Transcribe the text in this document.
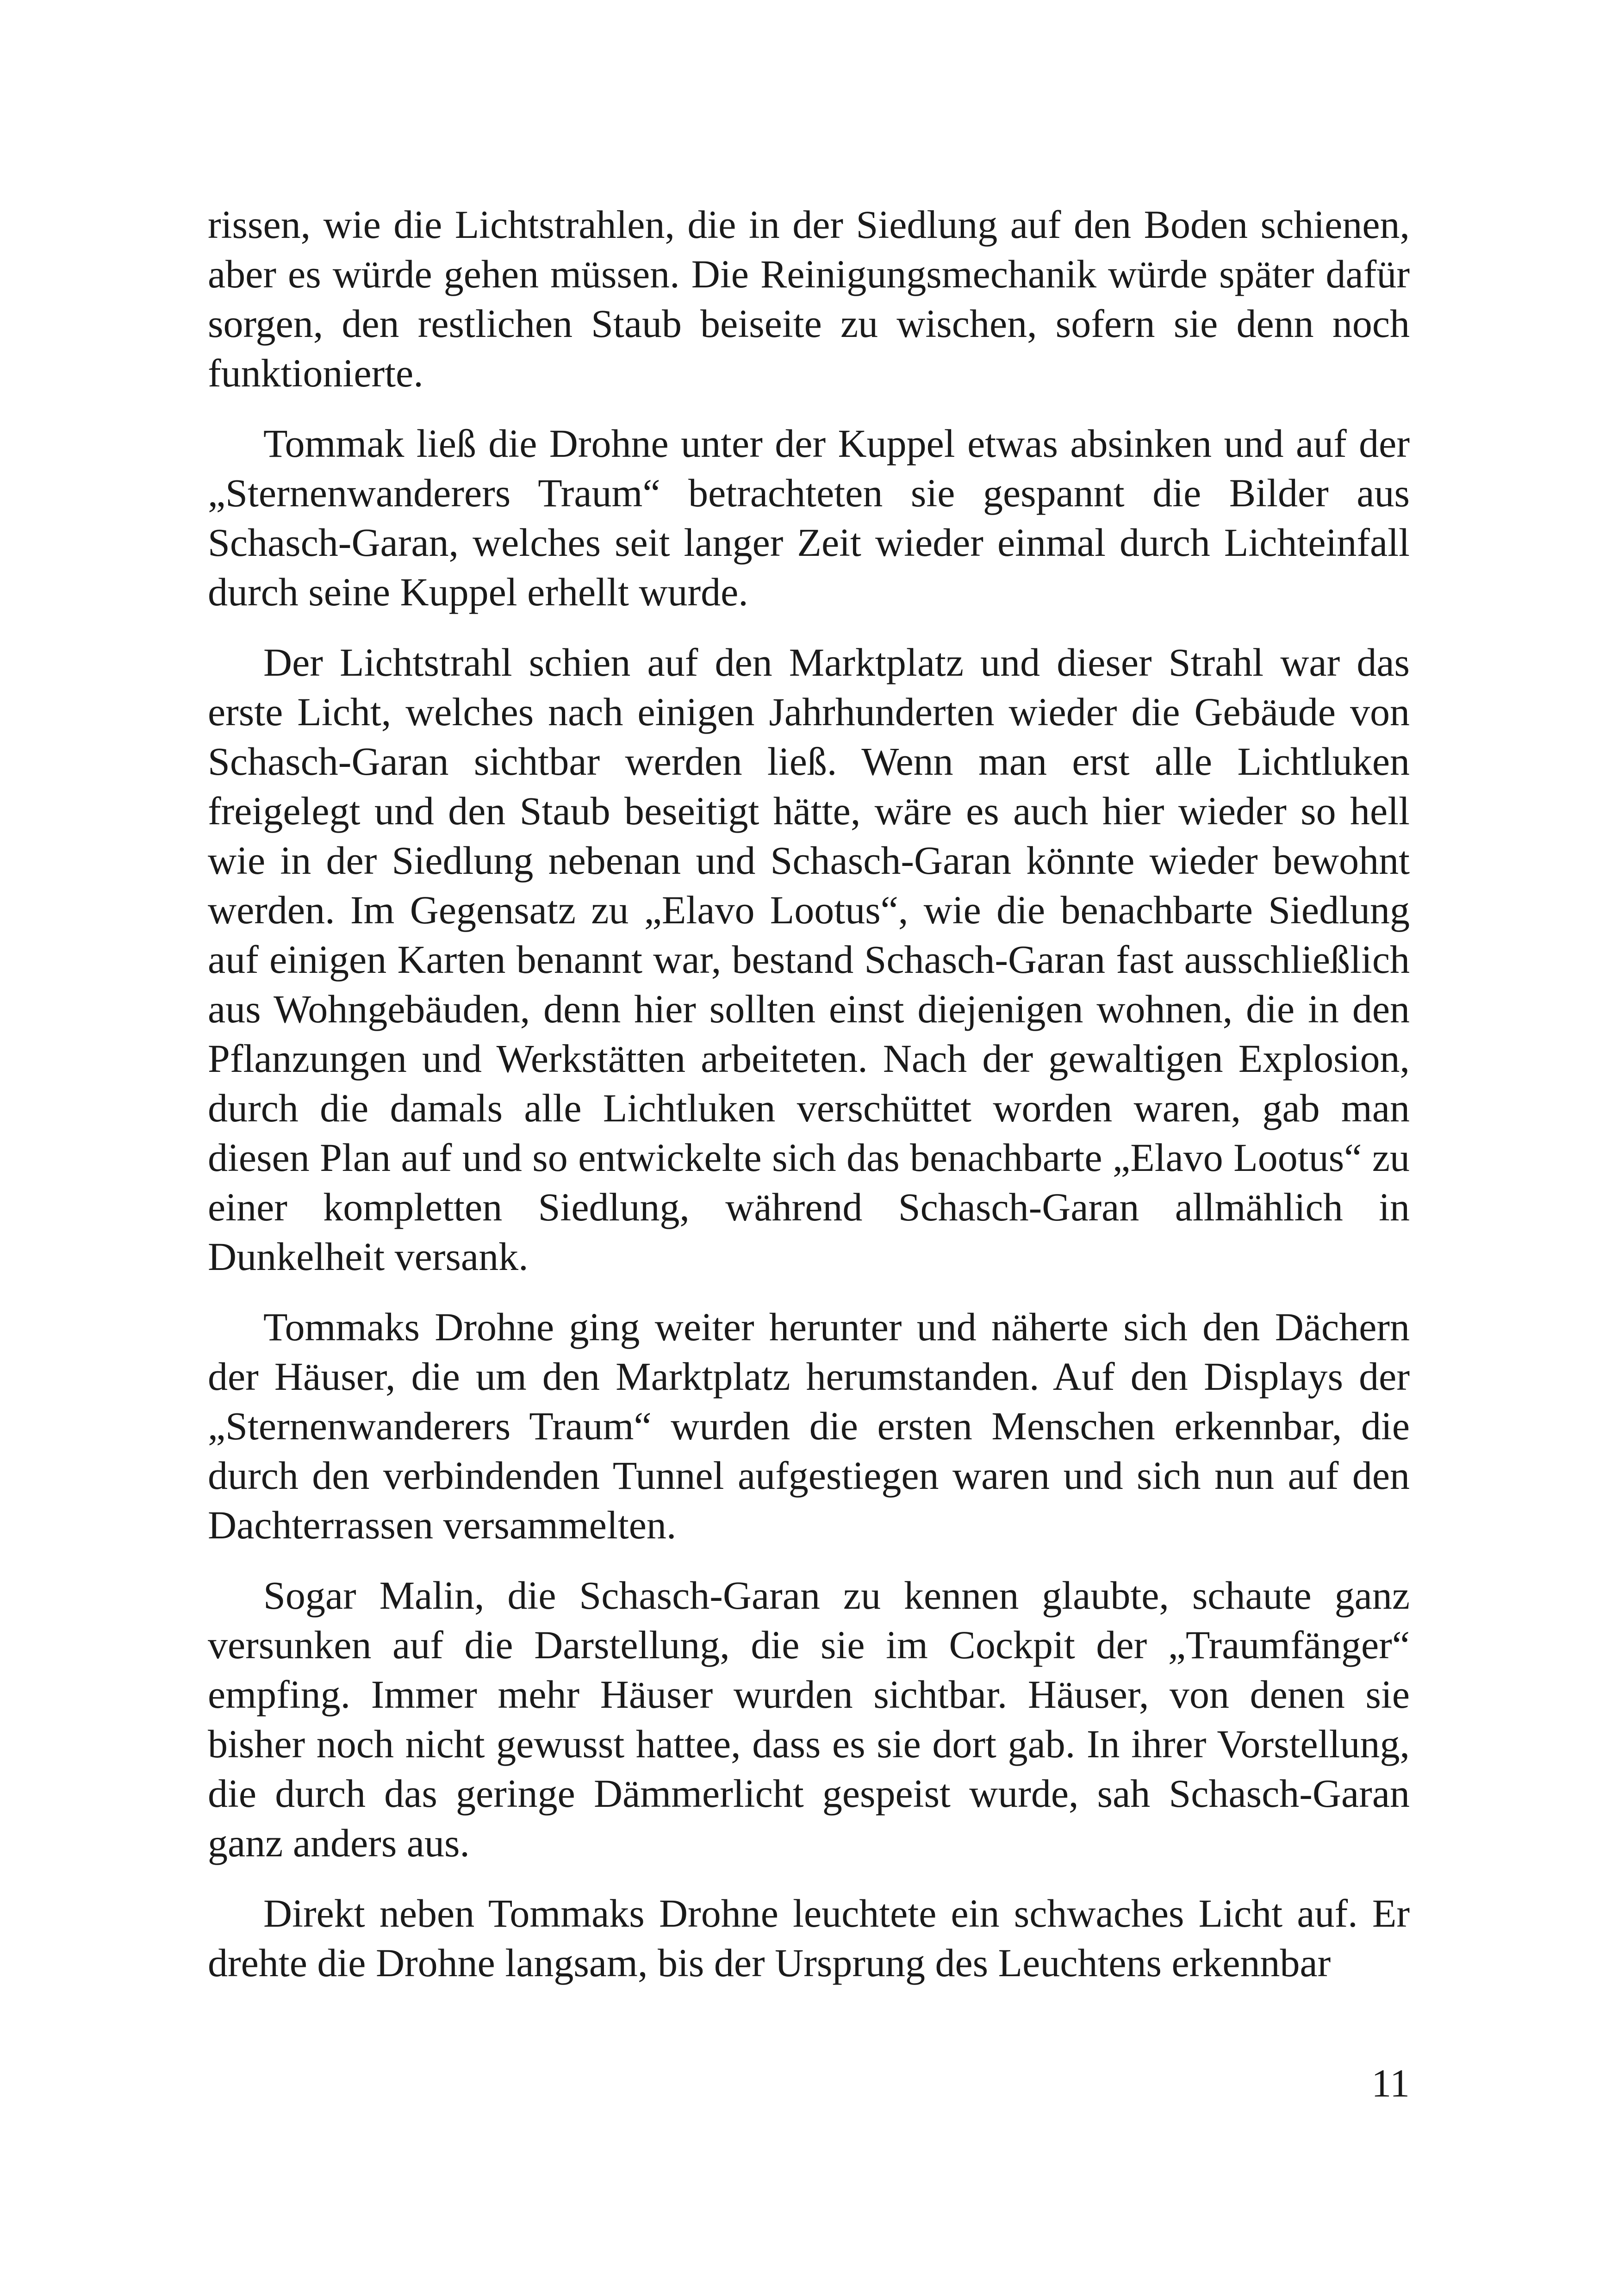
rissen, wie die Lichtstrahlen, die in der Siedlung auf den Boden schienen, aber es würde gehen müssen. Die Reinigungsmechanik würde später dafür sorgen, den restlichen Staub beiseite zu wischen, sofern sie denn noch funktionierte.

Tommak ließ die Drohne unter der Kuppel etwas absinken und auf der „Sternenwanderers Traum“ betrachteten sie gespannt die Bilder aus Schasch-Garan, welches seit langer Zeit wieder einmal durch Lichteinfall durch seine Kuppel erhellt wurde.

Der Lichtstrahl schien auf den Marktplatz und dieser Strahl war das erste Licht, welches nach einigen Jahrhunderten wieder die Gebäude von Schasch-Garan sichtbar werden ließ. Wenn man erst alle Lichtluken freigelegt und den Staub beseitigt hätte, wäre es auch hier wieder so hell wie in der Siedlung nebenan und Schasch-Garan könnte wieder bewohnt werden. Im Gegensatz zu „Elavo Lootus“, wie die benachbarte Siedlung auf einigen Karten benannt war, bestand Schasch-Garan fast ausschließlich aus Wohngebäuden, denn hier sollten einst diejenigen wohnen, die in den Pflanzungen und Werkstätten arbeiteten. Nach der gewaltigen Explosion, durch die damals alle Lichtluken verschüttet worden waren, gab man diesen Plan auf und so entwickelte sich das benachbarte „Elavo Lootus“ zu einer kompletten Siedlung, während Schasch-Garan allmählich in Dunkelheit versank.

Tommaks Drohne ging weiter herunter und näherte sich den Dächern der Häuser, die um den Marktplatz herumstanden. Auf den Displays der „Sternenwanderers Traum“ wurden die ersten Menschen erkennbar, die durch den verbindenden Tunnel aufgestiegen waren und sich nun auf den Dachterrassen versammelten.

Sogar Malin, die Schasch-Garan zu kennen glaubte, schaute ganz versunken auf die Darstellung, die sie im Cockpit der „Traumfänger“ empfing. Immer mehr Häuser wurden sichtbar. Häuser, von denen sie bisher noch nicht gewusst hattee, dass es sie dort gab. In ihrer Vorstellung, die durch das geringe Dämmerlicht gespeist wurde, sah Schasch-Garan ganz anders aus.

Direkt neben Tommaks Drohne leuchtete ein schwaches Licht auf. Er drehte die Drohne langsam, bis der Ursprung des Leuchtens erkennbar

11
